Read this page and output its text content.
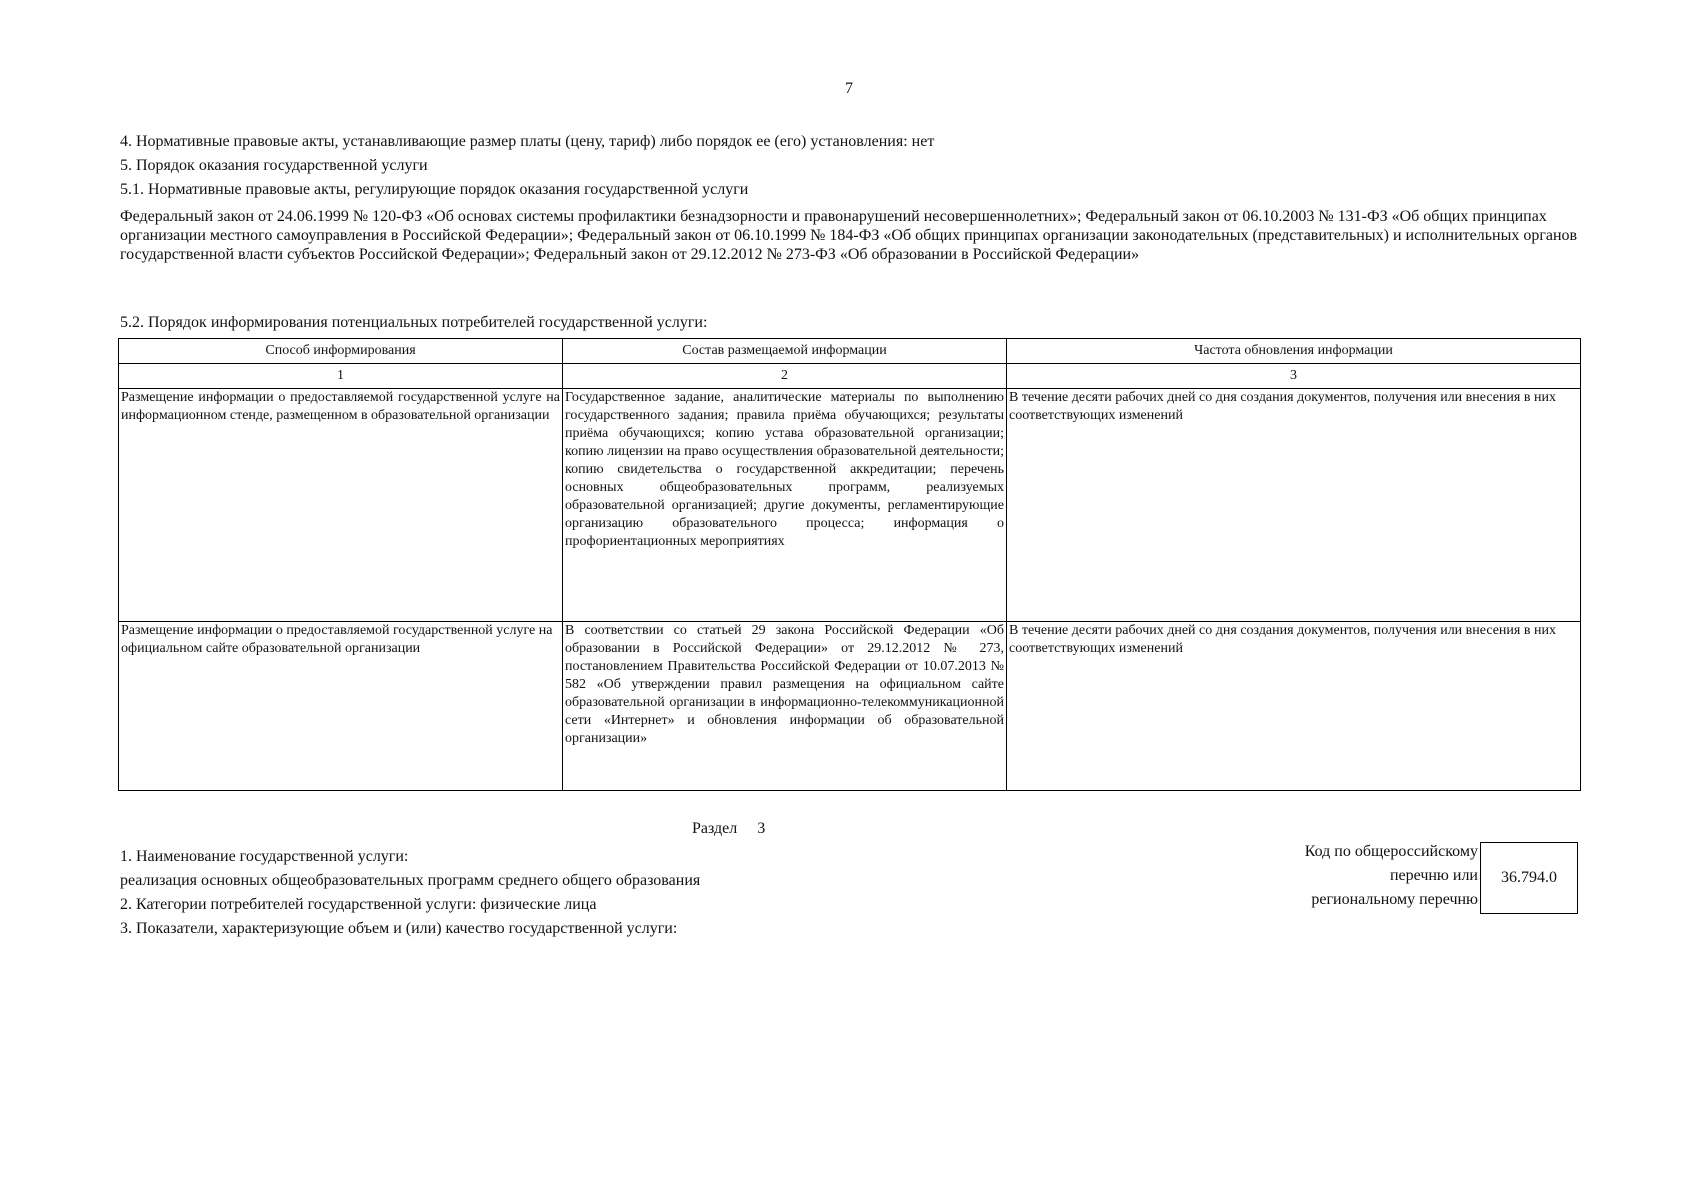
7
4. Нормативные правовые акты, устанавливающие размер платы (цену, тариф) либо порядок ее (его) установления: нет
5. Порядок оказания государственной услуги
5.1. Нормативные правовые акты, регулирующие порядок оказания государственной услуги
Федеральный закон от 24.06.1999 № 120-ФЗ «Об основах системы профилактики безнадзорности и правонарушений несовершеннолетних»; Федеральный закон от 06.10.2003 № 131-ФЗ «Об общих принципах организации местного самоуправления в Российской Федерации»; Федеральный закон от 06.10.1999 № 184-ФЗ «Об общих принципах организации законодательных (представительных) и исполнительных органов государственной власти субъектов Российской Федерации»; Федеральный закон от 29.12.2012 № 273-ФЗ «Об образовании в Российской Федерации»
5.2. Порядок информирования потенциальных потребителей государственной услуги:
Способ информирования	Состав размещаемой информации	Частота обновления информации
1	2	3
Размещение информации о предоставляемой государственной услуге на информационном стенде, размещенном в образовательной организации	Государственное задание, аналитические материалы по выполнению государственного задания; правила приёма обучающихся; результаты приёма обучающихся; копию устава образовательной организации; копию лицензии на право осуществления образовательной деятельности; копию свидетельства о государственной аккредитации; перечень основных общеобразовательных программ, реализуемых образовательной организацией; другие документы, регламентирующие организацию образовательного процесса; информация о профориентационных мероприятиях	В течение десяти рабочих дней со дня создания документов, получения или внесения в них соответствующих изменений
Размещение информации о предоставляемой государственной услуге на официальном сайте образовательной организации	В соответствии со статьей 29 закона Российской Федерации «Об образовании в Российской Федерации» от 29.12.2012 № 273, постановлением Правительства Российской Федерации от 10.07.2013 № 582 «Об утверждении правил размещения на официальном сайте образовательной организации в информационно-телекоммуникационной сети «Интернет» и обновления информации об образовательной организации»	В течение десяти рабочих дней со дня создания документов, получения или внесения в них соответствующих изменений
Раздел 3
1. Наименование государственной услуги:
реализация основных общеобразовательных программ среднего общего образования
2. Категории потребителей государственной услуги: физические лица
3. Показатели, характеризующие объем и (или) качество государственной услуги:
Код по общероссийскому
перечню или
региональному перечню
36.794.0
